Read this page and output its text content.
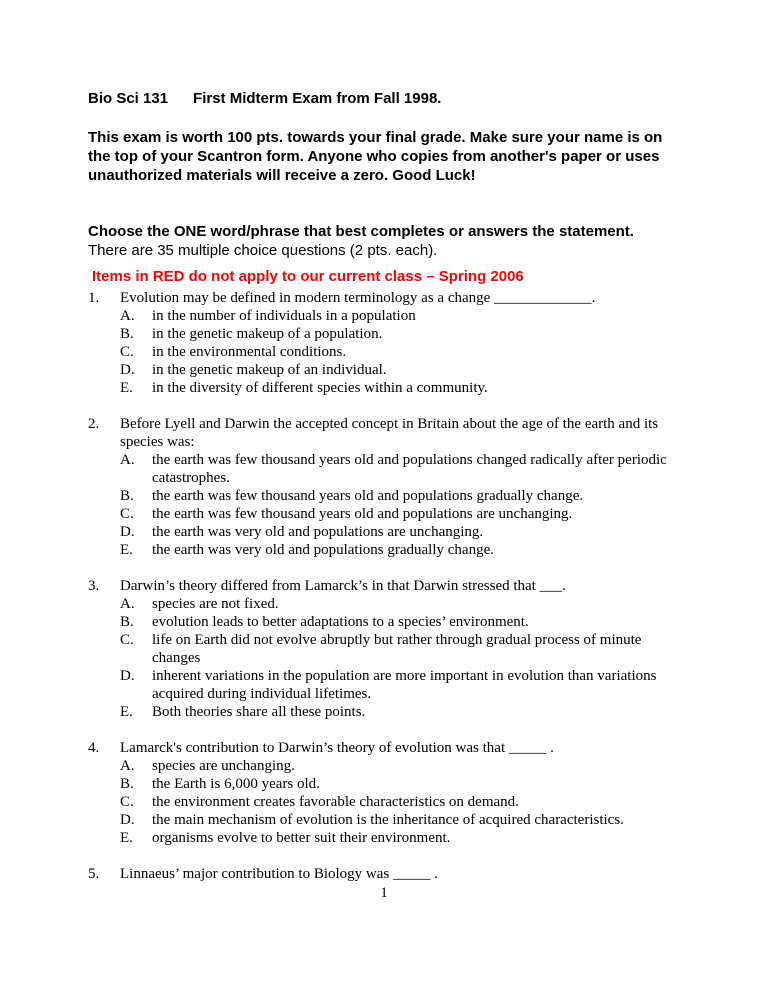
Bio Sci 131 First Midterm Exam from Fall 1998.
This exam is worth 100 pts. towards your final grade. Make sure your name is on the top of your Scantron form. Anyone who copies from another's paper or uses unauthorized materials will receive a zero. Good Luck!
Choose the ONE word/phrase that best completes or answers the statement.
There are 35 multiple choice questions (2 pts. each).
Items in RED do not apply to our current class – Spring 2006
1. Evolution may be defined in modern terminology as a change _____________.
A. in the number of individuals in a population
B. in the genetic makeup of a population.
C. in the environmental conditions.
D. in the genetic makeup of an individual.
E. in the diversity of different species within a community.
2. Before Lyell and Darwin the accepted concept in Britain about the age of the earth and its species was:
A. the earth was few thousand years old and populations changed radically after periodic catastrophes.
B. the earth was few thousand years old and populations gradually change.
C. the earth was few thousand years old and populations are unchanging.
D. the earth was very old and populations are unchanging.
E. the earth was very old and populations gradually change.
3. Darwin’s theory differed from Lamarck’s in that Darwin stressed that ___.
A. species are not fixed.
B. evolution leads to better adaptations to a species’ environment.
C. life on Earth did not evolve abruptly but rather through gradual process of minute changes
D. inherent variations in the population are more important in evolution than variations acquired during individual lifetimes.
E. Both theories share all these points.
4. Lamarck's contribution to Darwin’s theory of evolution was that _____ .
A. species are unchanging.
B. the Earth is 6,000 years old.
C. the environment creates favorable characteristics on demand.
D. the main mechanism of evolution is the inheritance of acquired characteristics.
E. organisms evolve to better suit their environment.
5. Linnaeus’ major contribution to Biology was _____ .
1
